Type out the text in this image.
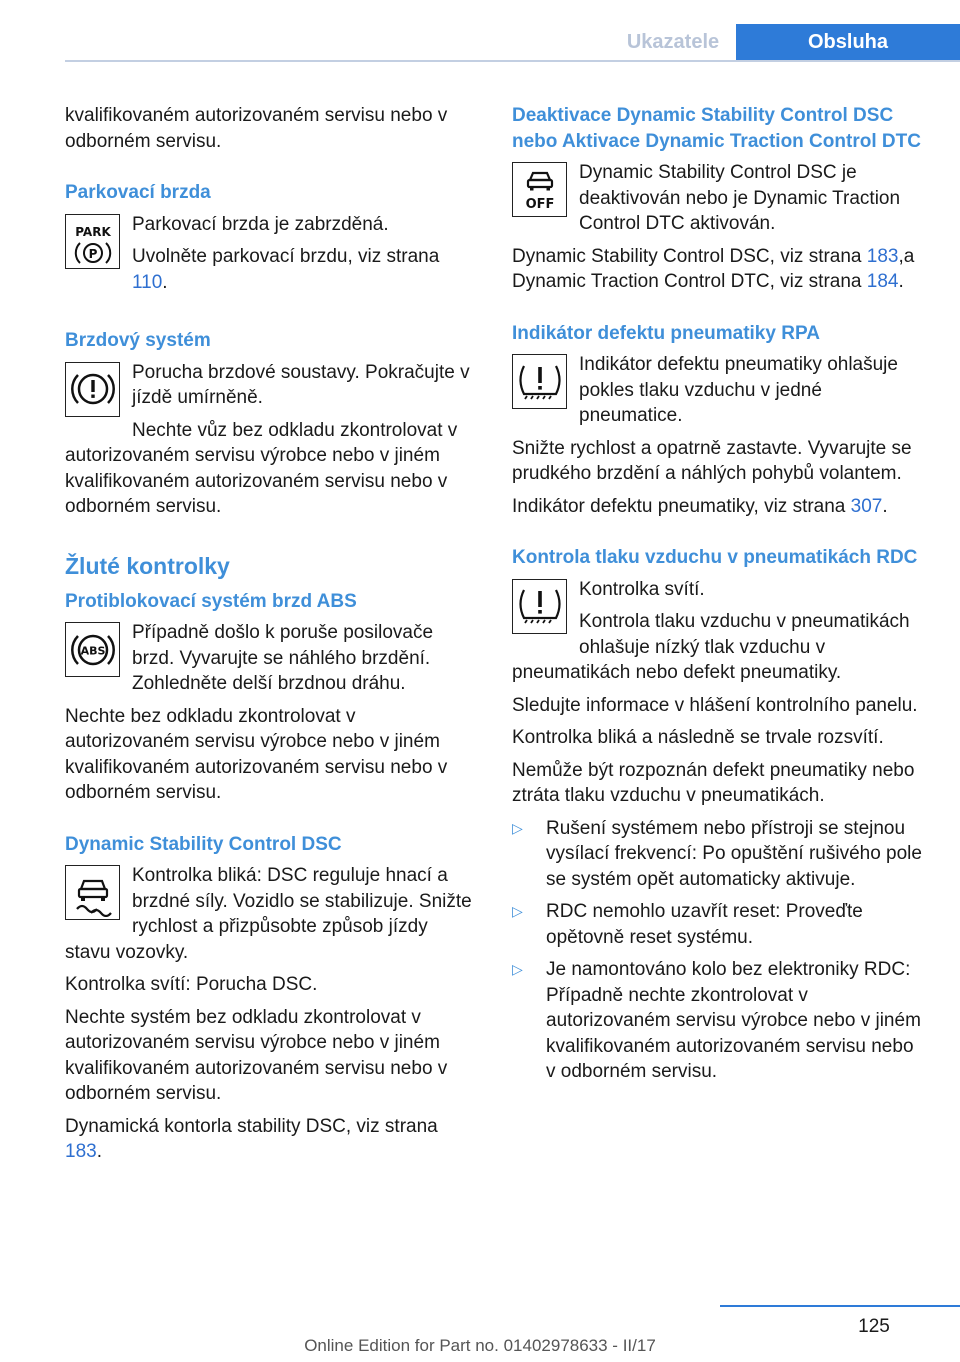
Ukazatele	Obsluha

kvalifikovaném autorizovaném servisu nebo v odborném servisu.

Parkovací brzda
PARK
P

Parkovací brzda je zabrzděná.

Uvolněte parkovací brzdu, viz strana 110.

Brzdový systém

Porucha brzdové soustavy. Pokračujte v jízdě umírněně.

Nechte vůz bez odkladu zkontrolovat v autorizovaném servisu výrobce nebo v jiném kvalifikovaném autorizovaném servisu nebo v odborném servisu.

Žluté kontrolky
Protiblokovací systém brzd ABS
ABS

Případně došlo k poruše posilovače brzd. Vyvarujte se náhlého brzdění. Zohledněte delší brzdnou dráhu.

Nechte bez odkladu zkontrolovat v autorizovaném servisu výrobce nebo v jiném kvalifikovaném autorizovaném servisu nebo v odborném servisu.

Dynamic Stability Control DSC

Kontrolka bliká: DSC reguluje hnací a brzdné síly. Vozidlo se stabilizuje. Snižte rychlost a přizpůsobte způsob jízdy stavu vozovky.

Kontrolka svítí: Porucha DSC.

Nechte systém bez odkladu zkontrolovat v autorizovaném servisu výrobce nebo v jiném kvalifikovaném autorizovaném servisu nebo v odborném servisu.

Dynamická kontorla stability DSC, viz strana 183.

Deaktivace Dynamic Stability Control DSC nebo Aktivace Dynamic Traction Control DTC
OFF

Dynamic Stability Control DSC je deaktivován nebo je Dynamic Traction Control DTC aktivován.

Dynamic Stability Control DSC, viz strana 183,a Dynamic Traction Control DTC, viz strana 184.

Indikátor defektu pneumatiky RPA

Indikátor defektu pneumatiky ohlašuje pokles tlaku vzduchu v jedné pneumatice.

Snižte rychlost a opatrně zastavte. Vyvarujte se prudkého brzdění a náhlých pohybů volantem.

Indikátor defektu pneumatiky, viz strana 307.

Kontrola tlaku vzduchu v pneumatikách RDC

Kontrolka svítí.

Kontrola tlaku vzduchu v pneumatikách ohlašuje nízký tlak vzduchu v pneumatikách nebo defekt pneumatiky.

Sledujte informace v hlášení kontrolního panelu.

Kontrolka bliká a následně se trvale rozsvítí.

Nemůže být rozpoznán defekt pneumatiky nebo ztráta tlaku vzduchu v pneumatikách.

▷ Rušení systémem nebo přístroji se stejnou vysílací frekvencí: Po opuštění rušivého pole se systém opět automaticky aktivuje.
▷ RDC nemohlo uzavřít reset: Proveďte opětovně reset systému.
▷ Je namontováno kolo bez elektroniky RDC: Případně nechte zkontrolovat v autorizovaném servisu výrobce nebo v jiném kvalifikovaném autorizovaném servisu nebo v odborném servisu.
125
Online Edition for Part no. 01402978633 - II/17
